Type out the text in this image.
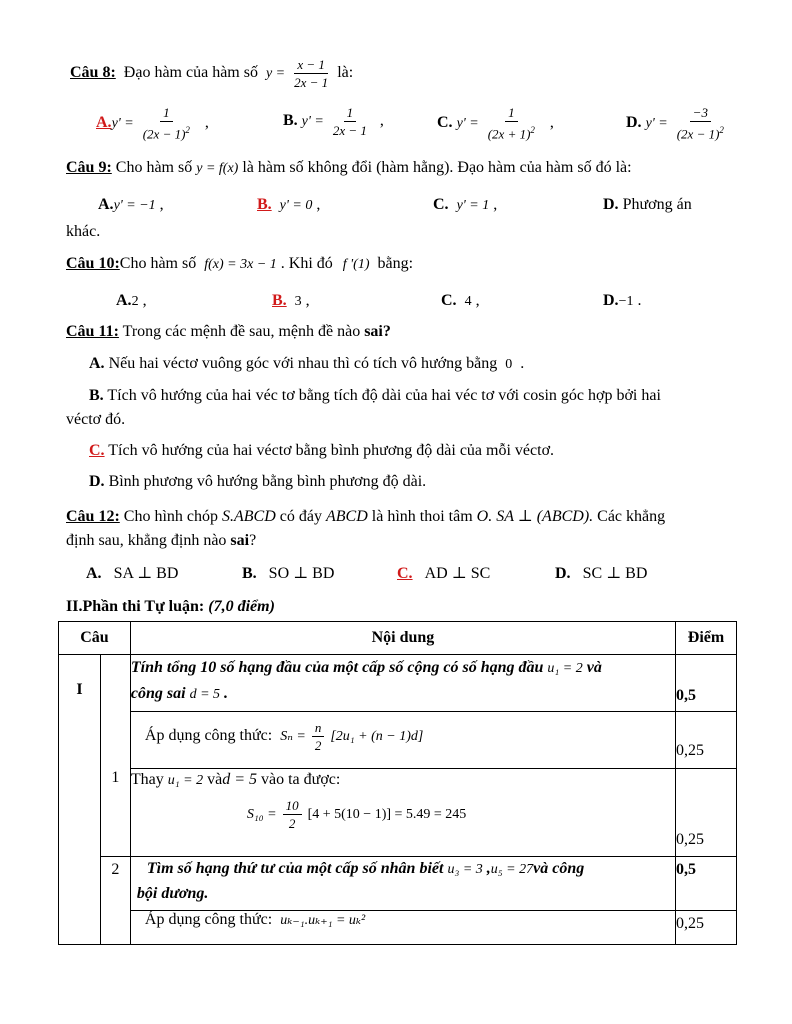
Câu 8: Đạo hàm của hàm số $y = \frac{x - 1}{2x - 1}$ là:
$A.y' = \frac{1}{(2x - 1)^2}$ ,	B. $y' = \frac{1}{2x - 1}$ ,	C. $y' = \frac{1}{(2x + 1)^2}$ ,	D. $y' = \frac{-3}{(2x - 1)^2}$
Câu 9: Cho hàm số y = f(x) là hàm số không đổi (hàm hằng). Đạo hàm của hàm số đó là:
A.y' = −1 ,	B. y' = 0 ,	C. y' = 1 ,	D. Phương án
khác.
Câu 10:Cho hàm số f(x) = 3x − 1 . Khi đó f '(1) bằng:
A.2 ,	B. 3 ,	C. 4 ,	D.−1 .
Câu 11: Trong các mệnh đề sau, mệnh đề nào sai?
A. Nếu hai véctơ vuông góc với nhau thì có tích vô hướng bằng 0 .
B. Tích vô hướng của hai véc tơ bằng tích độ dài của hai véc tơ với cosin góc hợp bởi hai
véctơ đó.
C. Tích vô hướng của hai véctơ bằng bình phương độ dài của mỗi véctơ.
D. Bình phương vô hướng bằng bình phương độ dài.
Câu 12: Cho hình chóp S.ABCD có đáy ABCD là hình thoi tâm O. SA ⊥ (ABCD). Các khẳng
định sau, khẳng định nào sai?
A. SA ⊥ BD	B. SO ⊥ BD	C. AD ⊥ SC	D. SC ⊥ BD
II.Phần thi Tự luận: (7,0 điểm)
Câu		Nội dung	Điểm
I	1	Tính tổng 10 số hạng đầu của một cấp số cộng có số hạng đầu u₁ = 2 và
công sai d = 5 .	0,5
		Áp dụng công thức: $S_n = \frac{n}{2} [2u_1 + (n - 1)d]$	0,25

		Thay u₁ = 2 vàd = 5 vào ta được:
$S_{10} = \frac{10}{2} [4 + 5(10 - 1)] = 5.49 = 245$	0,25
	2	Tìm số hạng thứ tư của một cấp số nhân biết u₃ = 3 ,u₅ = 27và công
bội dương.	0,5
		Áp dụng công thức: uₖ₋₁.uₖ₊₁ = uₖ²	0,25
